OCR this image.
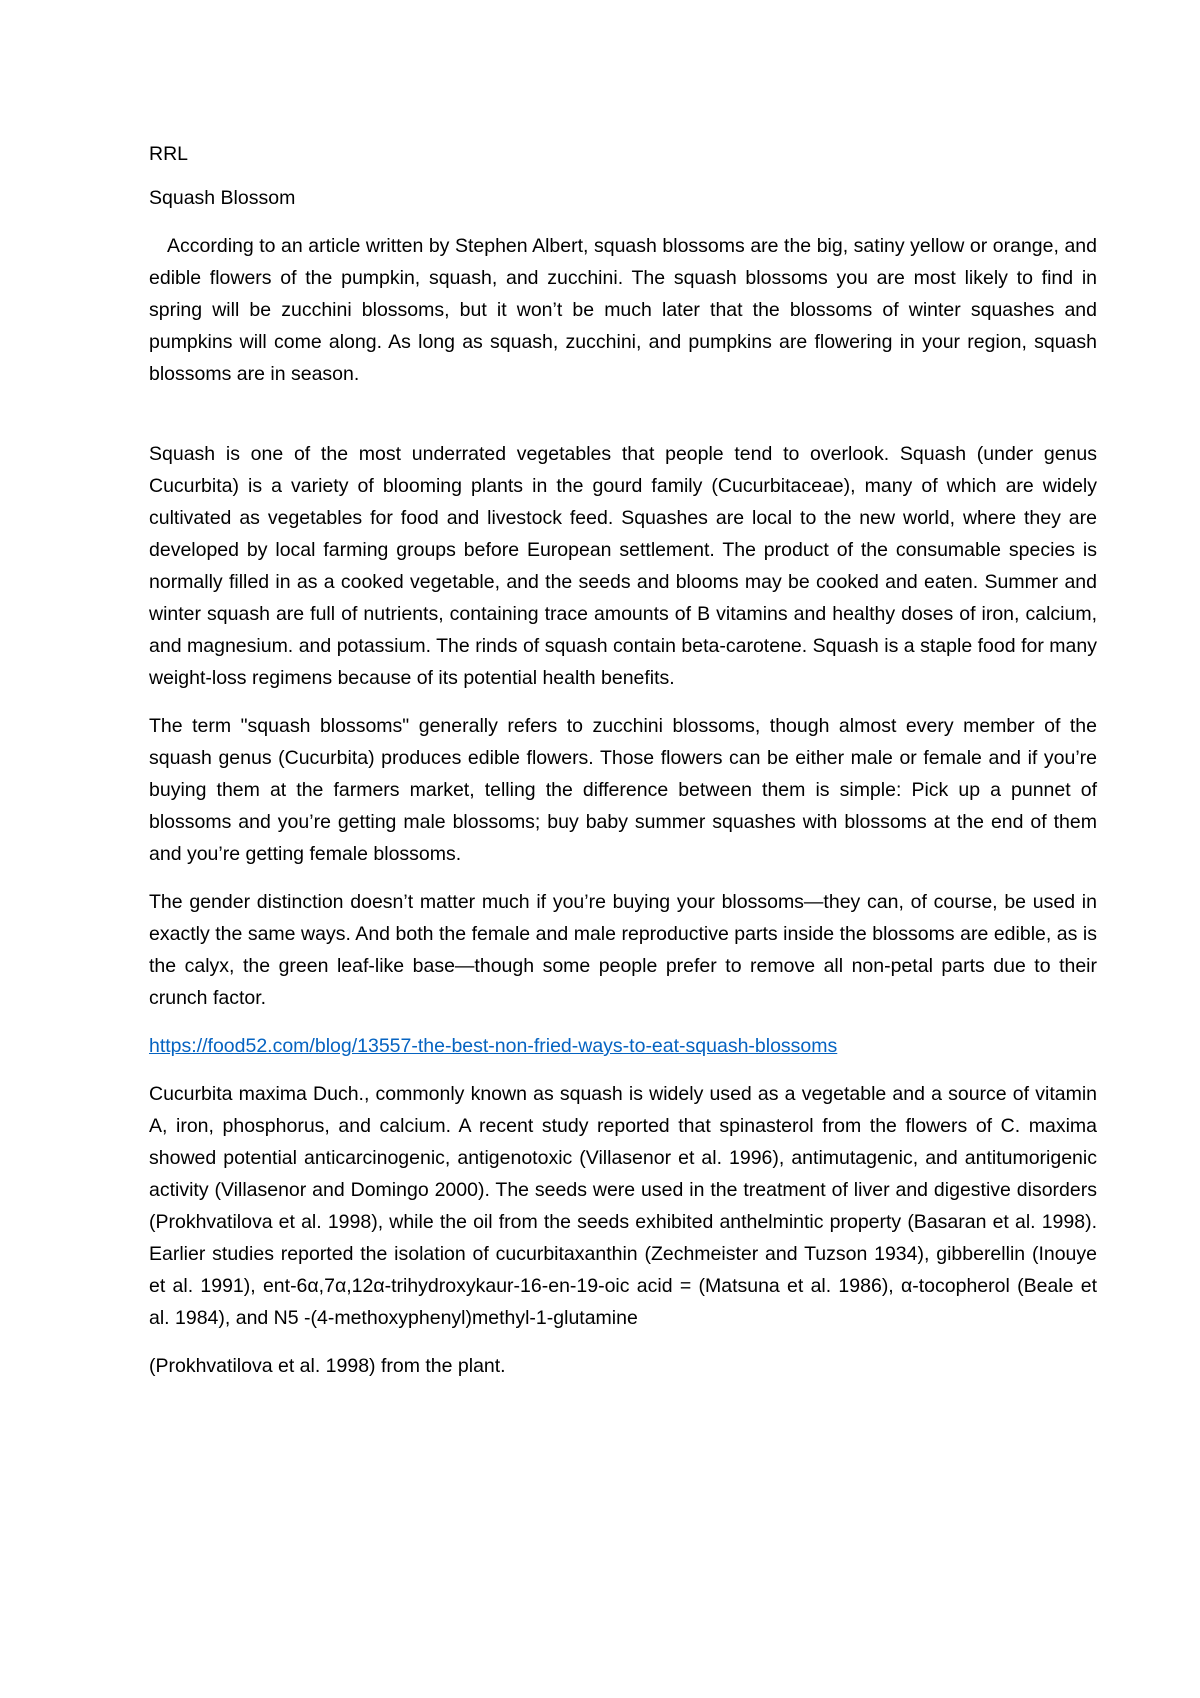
RRL

Squash Blossom

According to an article written by Stephen Albert, squash blossoms are the big, satiny yellow or orange, and edible flowers of the pumpkin, squash, and zucchini. The squash blossoms you are most likely to find in spring will be zucchini blossoms, but it won’t be much later that the blossoms of winter squashes and pumpkins will come along. As long as squash, zucchini, and pumpkins are flowering in your region, squash blossoms are in season.

Squash is one of the most underrated vegetables that people tend to overlook. Squash (under genus Cucurbita) is a variety of blooming plants in the gourd family (Cucurbitaceae), many of which are widely cultivated as vegetables for food and livestock feed. Squashes are local to the new world, where they are developed by local farming groups before European settlement. The product of the consumable species is normally filled in as a cooked vegetable, and the seeds and blooms may be cooked and eaten. Summer and winter squash are full of nutrients, containing trace amounts of B vitamins and healthy doses of iron, calcium, and magnesium. and potassium. The rinds of squash contain beta-carotene. Squash is a staple food for many weight-loss regimens because of its potential health benefits.

The term "squash blossoms" generally refers to zucchini blossoms, though almost every member of the squash genus (Cucurbita) produces edible flowers. Those flowers can be either male or female and if you’re buying them at the farmers market, telling the difference between them is simple: Pick up a punnet of blossoms and you’re getting male blossoms; buy baby summer squashes with blossoms at the end of them and you’re getting female blossoms.

The gender distinction doesn’t matter much if you’re buying your blossoms—they can, of course, be used in exactly the same ways. And both the female and male reproductive parts inside the blossoms are edible, as is the calyx, the green leaf-like base—though some people prefer to remove all non-petal parts due to their crunch factor.

https://food52.com/blog/13557-the-best-non-fried-ways-to-eat-squash-blossoms

Cucurbita maxima Duch., commonly known as squash is widely used as a vegetable and a source of vitamin A, iron, phosphorus, and calcium. A recent study reported that spinasterol from the flowers of C. maxima showed potential anticarcinogenic, antigenotoxic (Villasenor et al. 1996), antimutagenic, and antitumorigenic activity (Villasenor and Domingo 2000). The seeds were used in the treatment of liver and digestive disorders (Prokhvatilova et al. 1998), while the oil from the seeds exhibited anthelmintic property (Basaran et al. 1998). Earlier studies reported the isolation of cucurbitaxanthin (Zechmeister and Tuzson 1934), gibberellin (Inouye et al. 1991), ent-6α,7α,12α-trihydroxykaur-16-en-19-oic acid = (Matsuna et al. 1986), α-tocopherol (Beale et al. 1984), and N5 -(4-methoxyphenyl)methyl-1-glutamine

(Prokhvatilova et al. 1998) from the plant.
